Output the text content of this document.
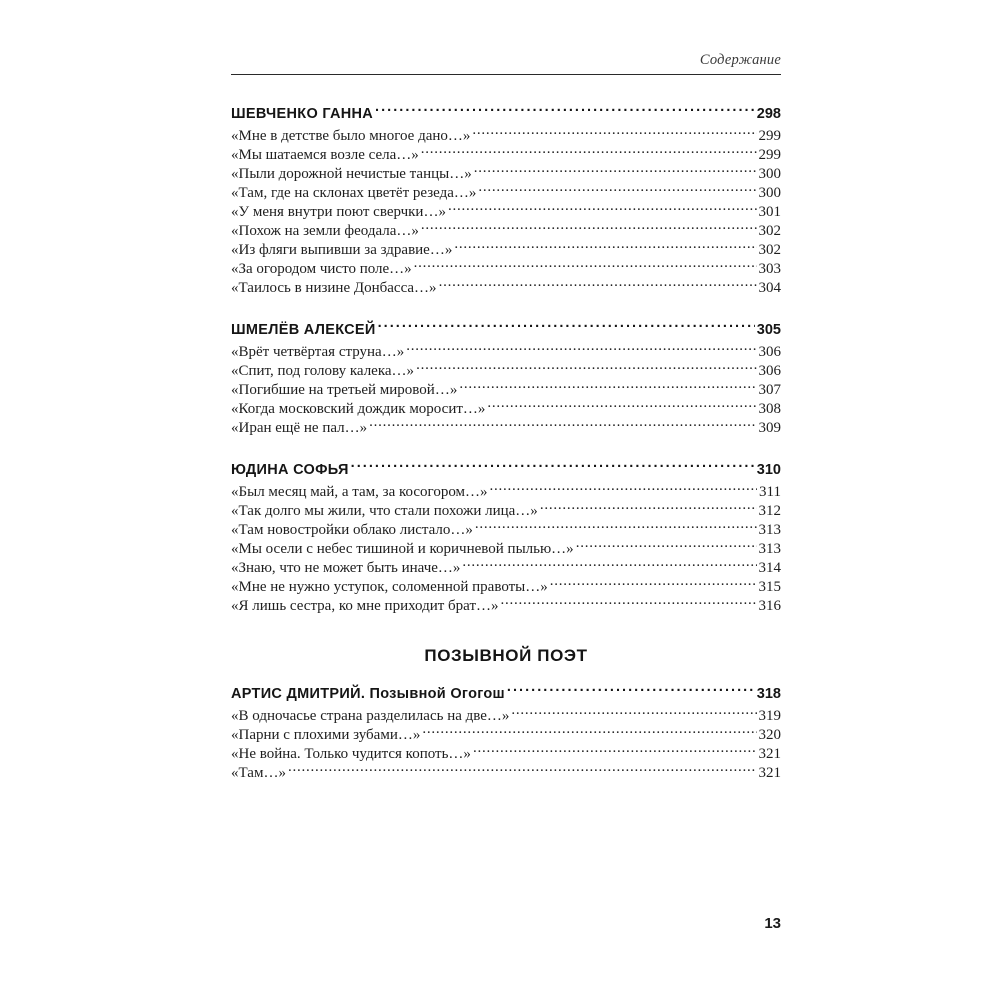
Содержание
ШЕВЧЕНКО ГАННА . . .	298
«Мне в детстве было многое дано…» . . .	299
«Мы шатаемся возле села…» . . .	299
«Пыли дорожной нечистые танцы…» . . .	300
«Там, где на склонах цветёт резеда…» . . .	300
«У меня внутри поют сверчки…» . . .	301
«Похож на земли феодала…» . . .	302
«Из фляги выпивши за здравие…» . . .	302
«За огородом чисто поле…» . . .	303
«Таилось в низине Донбасса…» . . .	304
ШМЕЛЁВ АЛЕКСЕЙ . . .	305
«Врёт четвёртая струна…» . . .	306
«Спит, под голову калека…» . . .	306
«Погибшие на третьей мировой…» . . .	307
«Когда московский дождик моросит…» . . .	308
«Иран ещё не пал…» . . .	309
ЮДИНА СОФЬЯ . . .	310
«Был месяц май, а там, за косогором…» . . .	311
«Так долго мы жили, что стали похожи лица…» . . .	312
«Там новостройки облако листало…» . . .	313
«Мы осели с небес тишиной и коричневой пылью…» . . .	313
«Знаю, что не может быть иначе…» . . .	314
«Мне не нужно уступок, соломенной правоты…» . . .	315
«Я лишь сестра, ко мне приходит брат…» . . .	316
ПОЗЫВНОЙ ПОЭТ
АРТИС ДМИТРИЙ. Позывной Огогош . . .	318
«В одночасье страна разделилась на две…» . . .	319
«Парни с плохими зубами…» . . .	320
«Не война. Только чудится копоть…» . . .	321
«Там…» . . .	321
13
